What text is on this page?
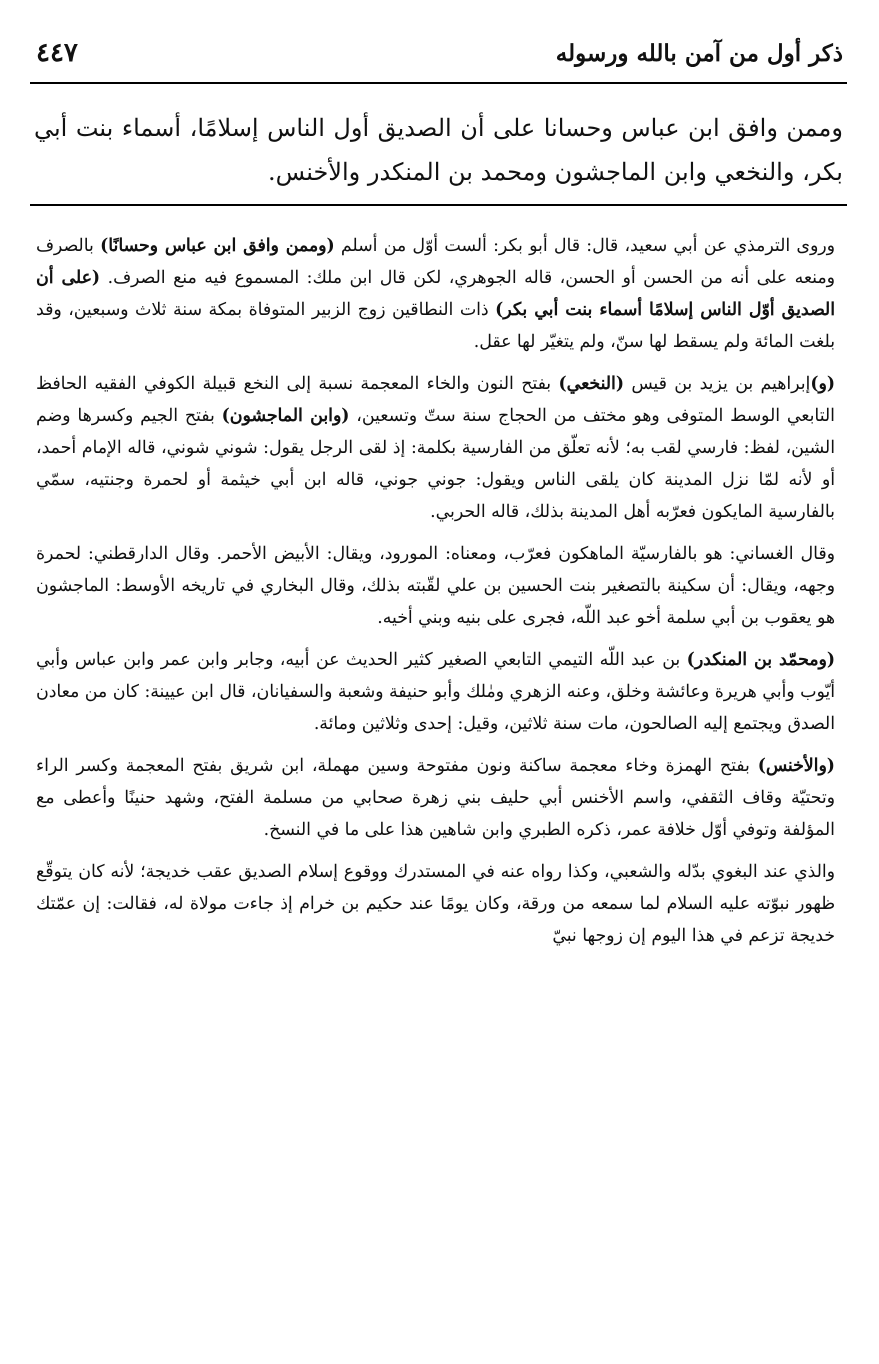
ذكر أول من آمن بالله ورسوله
٤٤٧
وممن وافق ابن عباس وحسانا على أن الصديق أول الناس إسلامًا، أسماء بنت أبي بكر، والنخعي وابن الماجشون ومحمد بن المنكدر والأخنس.

وروى الترمذي عن أبي سعيد، قال: قال أبو بكر: ألست أوّل من أسلم (وممن وافق ابن عباس وحسانًا) بالصرف ومنعه على أنه من الحسن أو الحسن، قاله الجوهري، لكن قال ابن ملك: المسموع فيه منع الصرف. (على أن الصديق أوّل الناس إسلامًا أسماء بنت أبي بكر) ذات النطاقين زوج الزبير المتوفاة بمكة سنة ثلاث وسبعين، وقد بلغت المائة ولم يسقط لها سنّ، ولم يتغيّر لها عقل.

(و)إبراهيم بن يزيد بن قيس (النخعي) بفتح النون والخاء المعجمة نسبة إلى النخع قبيلة الكوفي الفقيه الحافظ التابعي الوسط المتوفى وهو مختف من الحجاج سنة ستّ وتسعين، (وابن الماجشون) بفتح الجيم وكسرها وضم الشين، لفظ: فارسي لقب به؛ لأنه تعلّق من الفارسية بكلمة: إذ لقى الرجل يقول: شوني شوني، قاله الإمام أحمد، أو لأنه لمّا نزل المدينة كان يلقى الناس ويقول: جوني جوني، قاله ابن أبي خيثمة أو لحمرة وجنتيه، سمّي بالفارسية المايكون فعرّبه أهل المدينة بذلك، قاله الحربي.

وقال الغساني: هو بالفارسيّة الماهكون فعرّب، ومعناه: المورود، ويقال: الأبيض الأحمر. وقال الدارقطني: لحمرة وجهه، ويقال: أن سكينة بالتصغير بنت الحسين بن علي لقّبته بذلك، وقال البخاري في تاريخه الأوسط: الماجشون هو يعقوب بن أبي سلمة أخو عبد اللّه، فجرى على بنيه وبني أخيه.

(ومحمّد بن المنكدر) بن عبد اللّه التيمي التابعي الصغير كثير الحديث عن أبيه، وجابر وابن عمر وابن عباس وأبي أيّوب وأبي هريرة وعائشة وخلق، وعنه الزهري ومٰلك وأبو حنيفة وشعبة والسفيانان، قال ابن عيينة: كان من معادن الصدق ويجتمع إليه الصالحون، مات سنة ثلاثين، وقيل: إحدى وثلاثين ومائة.

(والأخنس) بفتح الهمزة وخاء معجمة ساكنة ونون مفتوحة وسين مهملة، ابن شريق بفتح المعجمة وكسر الراء وتحتيّة وقاف الثقفي، واسم الأخنس أبي حليف بني زهرة صحابي من مسلمة الفتح، وشهد حنينًا وأعطى مع المؤلفة وتوفي أوّل خلافة عمر، ذكره الطبري وابن شاهين هذا على ما في النسخ.

والذي عند البغوي بدّله والشعبي، وكذا رواه عنه في المستدرك ووقوع إسلام الصديق عقب خديجة؛ لأنه كان يتوقّع ظهور نبوّته عليه السلام لما سمعه من ورقة، وكان يومًا عند حكيم بن خرام إذ جاءت مولاة له، فقالت: إن عمّتك خديجة تزعم في هذا اليوم إن زوجها نبيّ
